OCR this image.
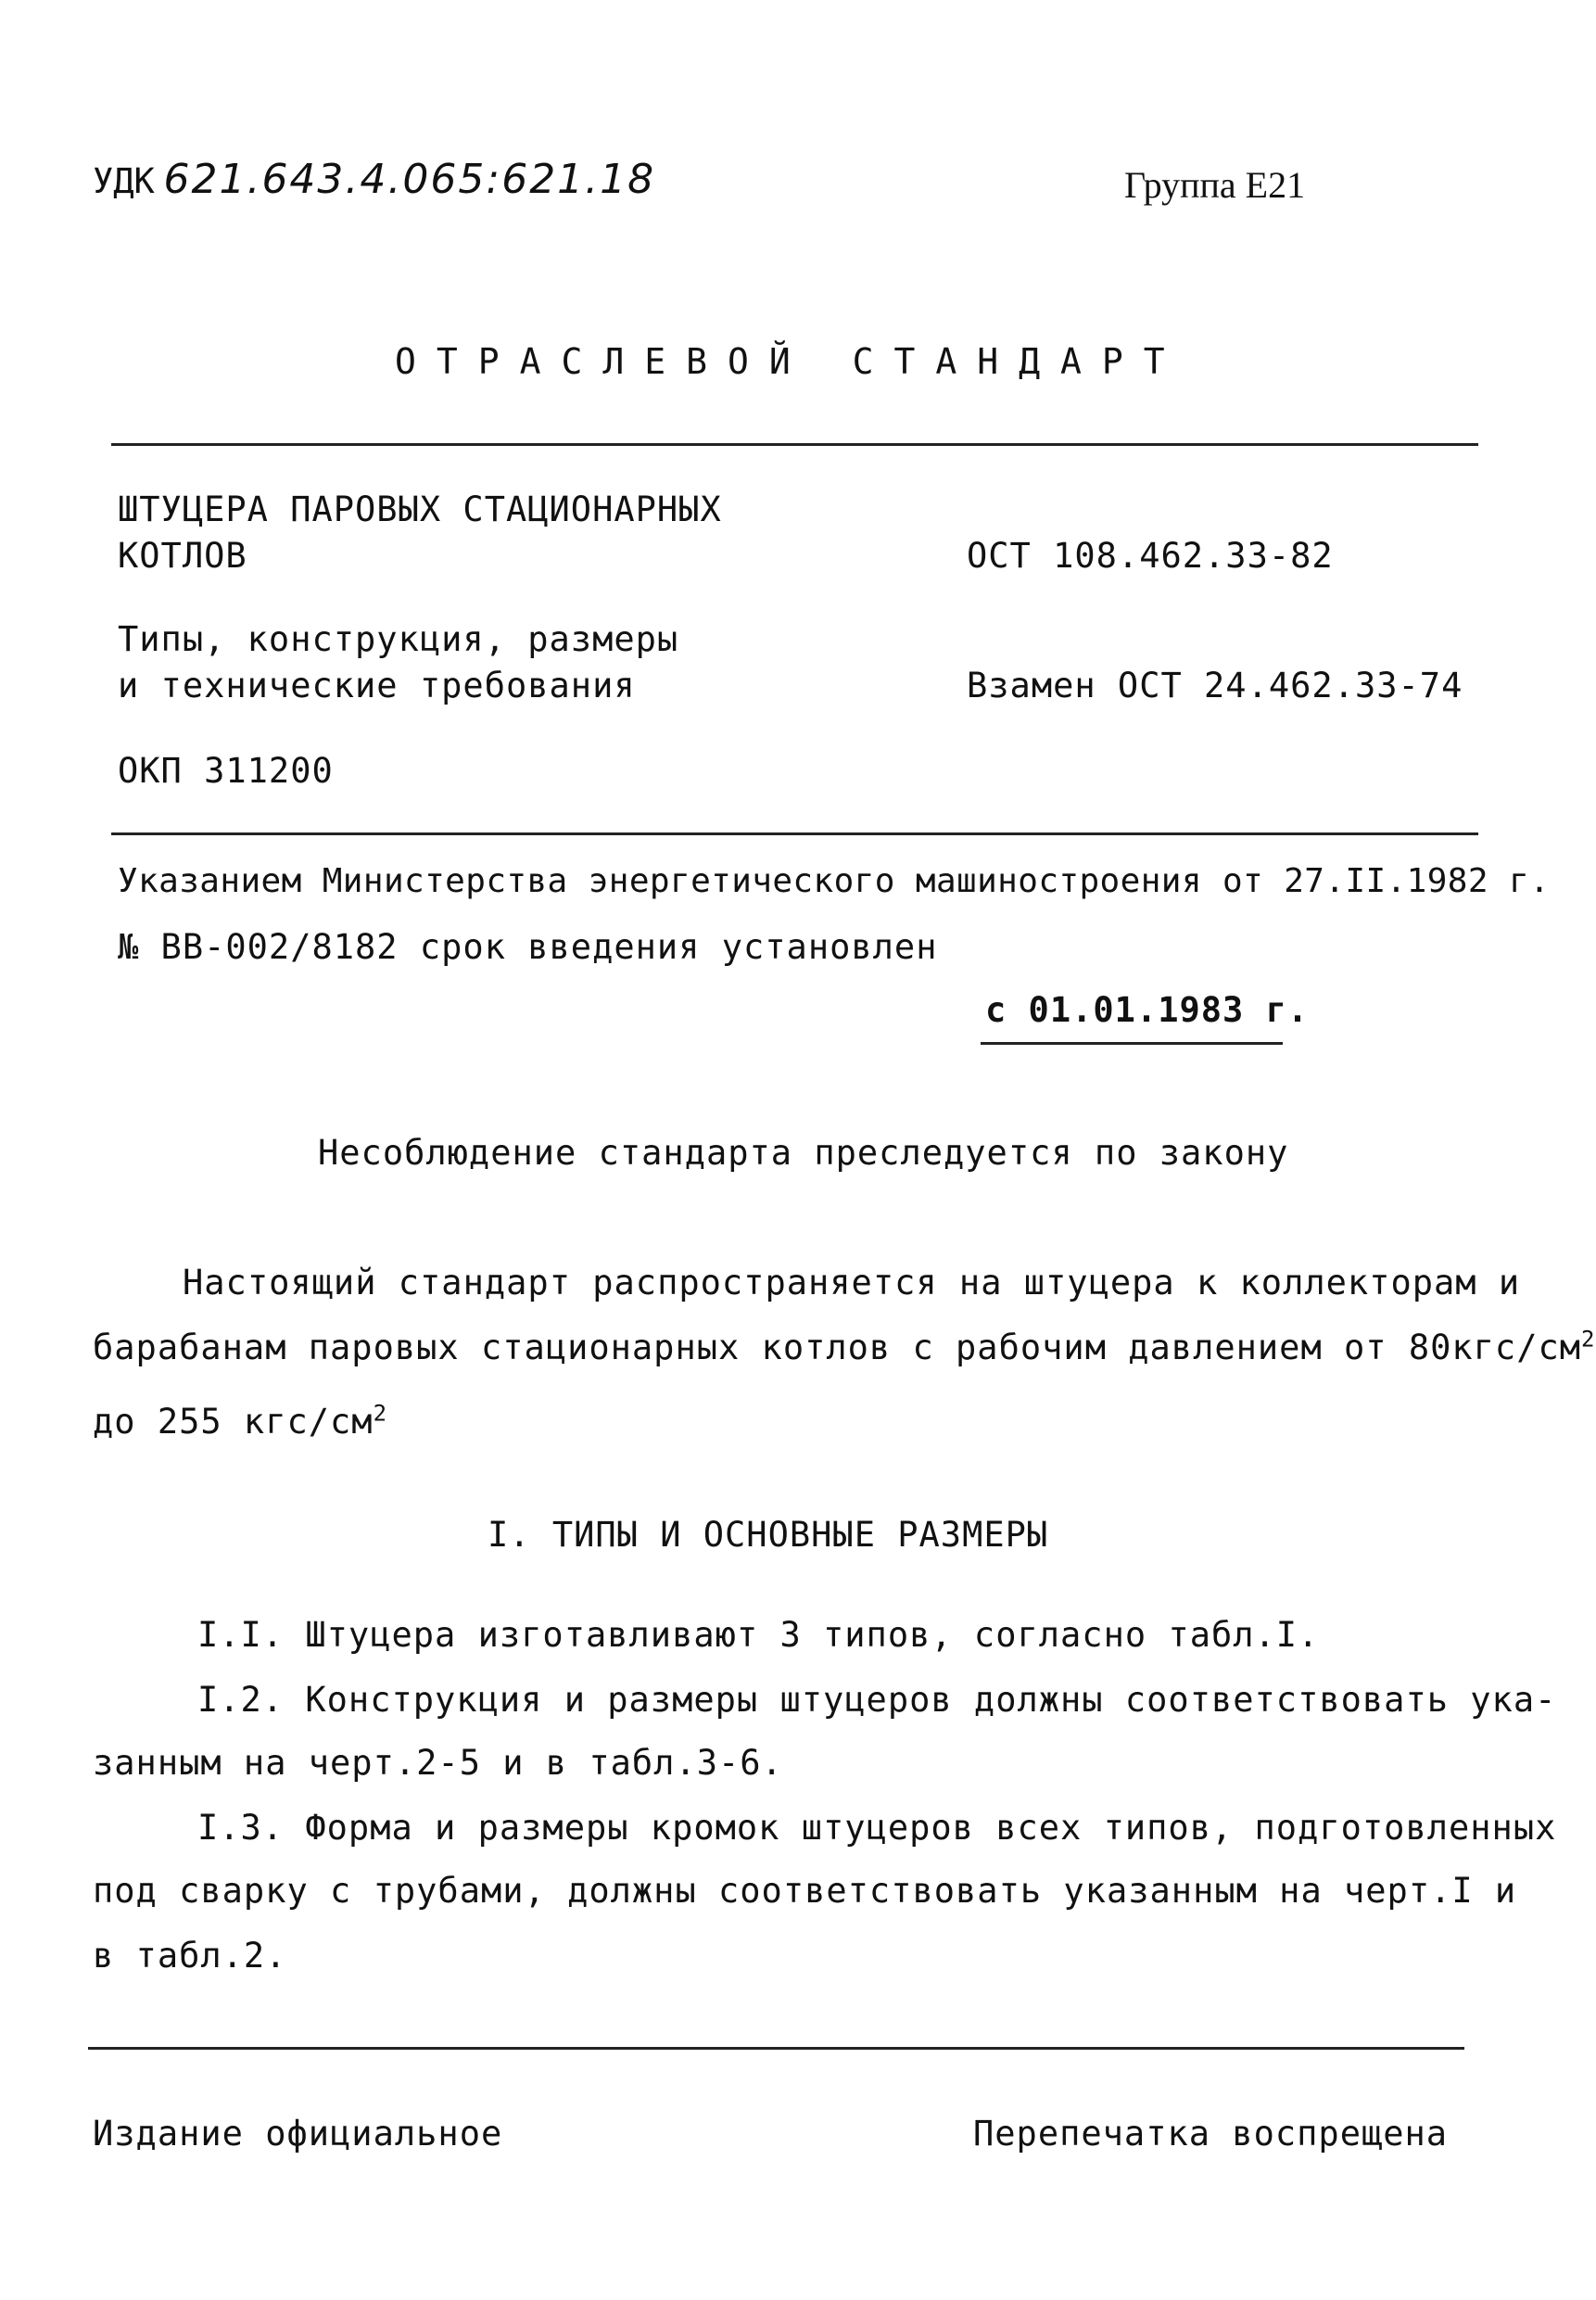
УДК 621.643.4.065:621.18	Группа Е21
ОТРАСЛЕВОЙ СТАНДАРТ
ШТУЦЕРА ПАРОВЫХ СТАЦИОНАРНЫХ
КОТЛОВ	ОСТ 108.462.33-82
Типы, конструкция, размеры
и технические требования	Взамен ОСТ 24.462.33-74
ОКП 311200
Указанием Министерства энергетического машиностроения от 27.II.1982 г.
№ ВВ-002/8182 срок введения установлен
с 01.01.1983 г.
Несоблюдение стандарта преследуется по закону
Настоящий стандарт распространяется на штуцера к коллекторам и
барабанам паровых стационарных котлов с рабочим давлением от $80кгс/см^2$
до 255 кгс/$см^2$
I. ТИПЫ И ОСНОВНЫЕ РАЗМЕРЫ
I.I. Штуцера изготавливают 3 типов, согласно табл.I.
I.2. Конструкция и размеры штуцеров должны соответствовать ука-
занным на черт.2-5 и в табл.3-6.
I.3. Форма и размеры кромок штуцеров всех типов, подготовленных
под сварку с трубами, должны соответствовать указанным на черт.I и
в табл.2.
Издание официальное	Перепечатка воспрещена
